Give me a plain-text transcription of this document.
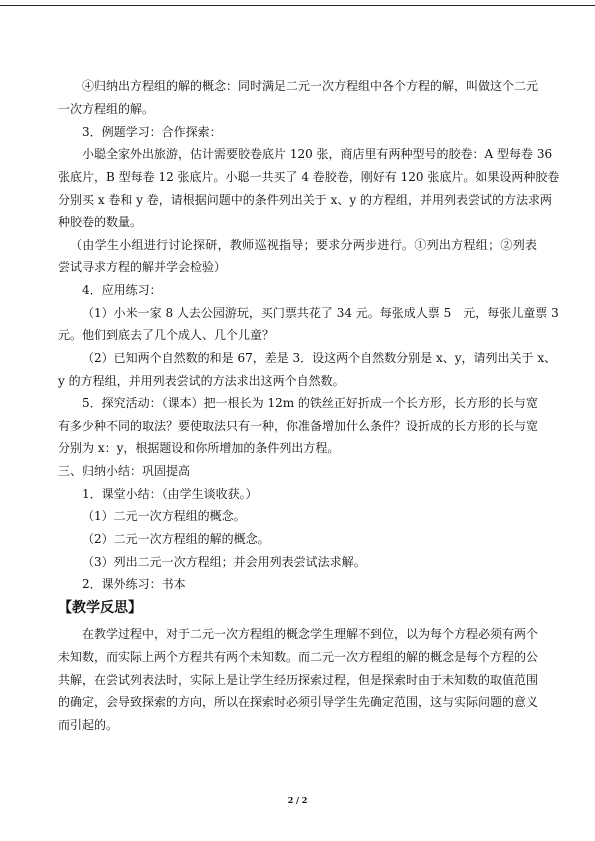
④归纳出方程组的解的概念：同时满足二元一次方程组中各个方程的解，叫做这个二元
一次方程组的解。
3．例题学习：合作探索：
小聪全家外出旅游，估计需要胶卷底片 120 张，商店里有两种型号的胶卷：A 型每卷 36
张底片，B 型每卷 12 张底片。小聪一共买了 4 卷胶卷，刚好有 120 张底片。如果设两种胶卷
分别买 x 卷和 y 卷，请根据问题中的条件列出关于 x、y 的方程组，并用列表尝试的方法求两
种胶卷的数量。
（由学生小组进行讨论探研，教师巡视指导；要求分两步进行。①列出方程组；②列表
尝试寻求方程的解并学会检验）
4．应用练习：
（1）小米一家 8 人去公园游玩，买门票共花了 34 元。每张成人票 5　元，每张儿童票 3
元。他们到底去了几个成人、几个儿童？
（2）已知两个自然数的和是 67，差是 3．设这两个自然数分别是 x、y，请列出关于 x、
y 的方程组，并用列表尝试的方法求出这两个自然数。
5．探究活动：（课本）把一根长为 12m 的铁丝正好折成一个长方形，长方形的长与宽
有多少种不同的取法？要使取法只有一种，你准备增加什么条件？设折成的长方形的长与宽
分别为 x：y，根据题设和你所增加的条件列出方程。
三、归纳小结：巩固提高
1．课堂小结：（由学生谈收获。）
（1）二元一次方程组的概念。
（2）二元一次方程组的解的概念。
（3）列出二元一次方程组；并会用列表尝试法求解。
2．课外练习：书本
【教学反思】
在教学过程中，对于二元一次方程组的概念学生理解不到位，以为每个方程必须有两个
未知数，而实际上两个方程共有两个未知数。而二元一次方程组的解的概念是每个方程的公
共解，在尝试列表法时，实际上是让学生经历探索过程，但是探索时由于未知数的取值范围
的确定，会导致探索的方向，所以在探索时必须引导学生先确定范围，这与实际问题的意义
而引起的。
2 / 2
